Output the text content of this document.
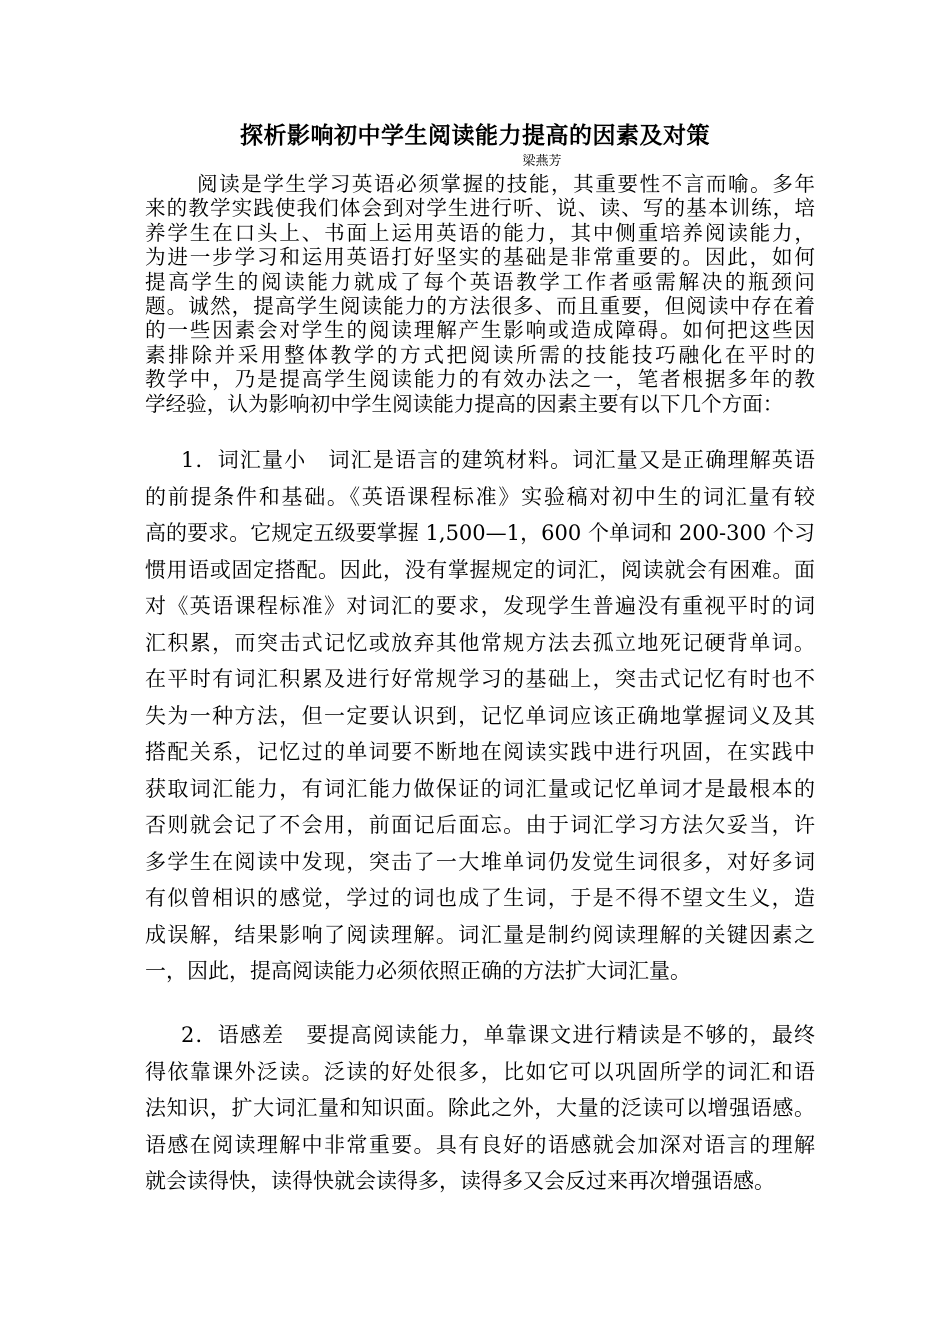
探析影响初中学生阅读能力提高的因素及对策
梁燕芳
阅读是学生学习英语必须掌握的技能，其重要性不言而喻。多年
来的教学实践使我们体会到对学生进行听、说、读、写的基本训练，培
养学生在口头上、书面上运用英语的能力，其中侧重培养阅读能力，
为进一步学习和运用英语打好坚实的基础是非常重要的。因此，如何
提高学生的阅读能力就成了每个英语教学工作者亟需解决的瓶颈问
题。诚然，提高学生阅读能力的方法很多、而且重要，但阅读中存在着
的一些因素会对学生的阅读理解产生影响或造成障碍。如何把这些因
素排除并采用整体教学的方式把阅读所需的技能技巧融化在平时的
教学中，乃是提高学生阅读能力的有效办法之一，笔者根据多年的教
学经验，认为影响初中学生阅读能力提高的因素主要有以下几个方面：
1．词汇量小　词汇是语言的建筑材料。词汇量又是正确理解英语
的前提条件和基础。《英语课程标准》实验稿对初中生的词汇量有较
高的要求。它规定五级要掌握 1,500—1，600 个单词和 200-300 个习
惯用语或固定搭配。因此，没有掌握规定的词汇，阅读就会有困难。面
对《英语课程标准》对词汇的要求，发现学生普遍没有重视平时的词
汇积累，而突击式记忆或放弃其他常规方法去孤立地死记硬背单词。
在平时有词汇积累及进行好常规学习的基础上，突击式记忆有时也不
失为一种方法，但一定要认识到，记忆单词应该正确地掌握词义及其
搭配关系，记忆过的单词要不断地在阅读实践中进行巩固，在实践中
获取词汇能力，有词汇能力做保证的词汇量或记忆单词才是最根本的
否则就会记了不会用，前面记后面忘。由于词汇学习方法欠妥当，许
多学生在阅读中发现，突击了一大堆单词仍发觉生词很多，对好多词
有似曾相识的感觉，学过的词也成了生词，于是不得不望文生义，造
成误解，结果影响了阅读理解。词汇量是制约阅读理解的关键因素之
一，因此，提高阅读能力必须依照正确的方法扩大词汇量。
2．语感差　要提高阅读能力，单靠课文进行精读是不够的，最终
得依靠课外泛读。泛读的好处很多，比如它可以巩固所学的词汇和语
法知识，扩大词汇量和知识面。除此之外，大量的泛读可以增强语感。
语感在阅读理解中非常重要。具有良好的语感就会加深对语言的理解
就会读得快，读得快就会读得多，读得多又会反过来再次增强语感。
